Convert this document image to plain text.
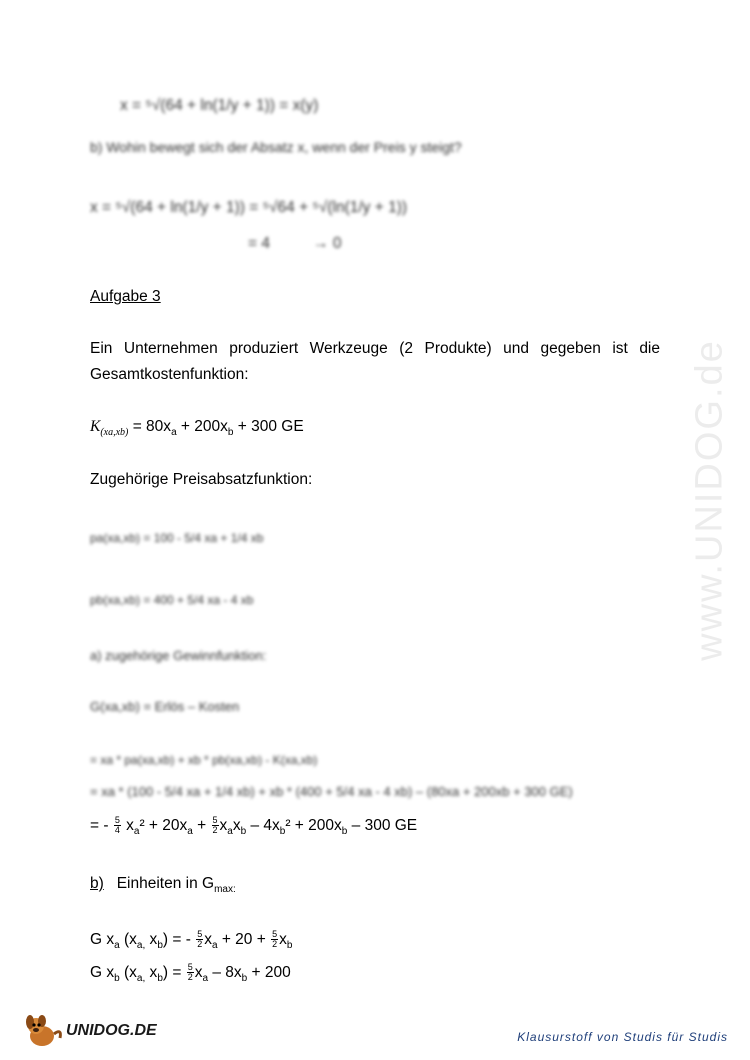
x = ⁵√(64 + ln(1/y + 1)) = x(y)
b) Wohin bewegt sich der Absatz x, wenn der Preis y steigt?
x = ⁵√(64 + ln(1/y + 1)) = ⁵√64 + ⁵√(ln(1/y + 1))
= 4          → 0
Aufgabe 3
Ein Unternehmen produziert Werkzeuge (2 Produkte) und gegeben ist die
Gesamtkostenfunktion:
$K_{(xa,xb)} = 80x_a + 200x_b + 300$ GE
Zugehörige Preisabsatzfunktion:
pa(xa,xb) = 100 - 5/4 xa + 1/4 xb
pb(xa,xb) = 400 + 5/4 xa - 4 xb
a) zugehörige Gewinnfunktion:
G(xa,xb) = Erlös – Kosten
= xa * pa(xa,xb) + xb * pb(xa,xb) - K(xa,xb)
= xa * (100 - 5/4 xa + 1/4 xb) + xb * (400 + 5/4 xa - 4 xb) – (80xa + 200xb + 300 GE)
= - $\frac{5}{4} x_a^2 + 20x_a + \frac{5}{2} x_ax_b - 4x_b^2 + 200x_b - 300$ GE
b) Einheiten in $G_{max:}$
G $x_a$ ($x_{a,}$ $x_b$) = - $\frac{5}{2} x_a + 20 + \frac{5}{2} x_b$
G $x_b$ ($x_{a,}$ $x_b) = \frac{5}{2} x_a - 8x_b + 200$
www.UNIDOG.de
UNIDOG.DE	Klausurstoff von Studis für Studis
